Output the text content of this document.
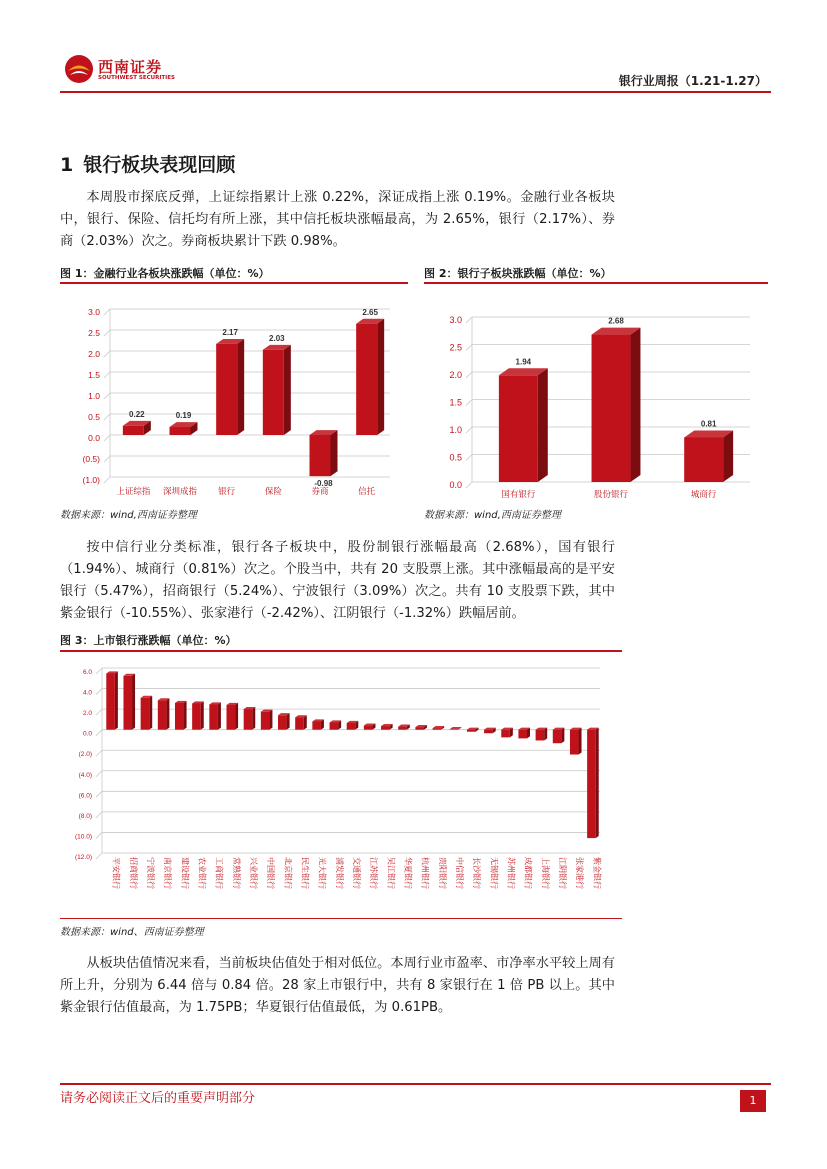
西南证券
SOUTHWEST SECURITIES	银行业周报（1.21-1.27）
1 银行板块表现回顾

本周股市探底反弹，上证综指累计上涨 0.22%，深证成指上涨 0.19%。金融行业各板块中，银行、保险、信托均有所上涨，其中信托板块涨幅最高，为 2.65%，银行（2.17%）、券商（2.03%）次之。券商板块累计下跌 0.98%。

图 1：金融行业各板块涨跌幅（单位：%）
3.0
2.5
2.0
1.5
1.0
0.5
0.0
(0.5)
(1.0)
0.22
上证综指
0.19
深圳成指
2.17
银行
2.03
保险
-0.98
券商
2.65
信托
数据来源：wind,西南证券整理
图 2：银行子板块涨跌幅（单位：%）
3.0
2.5
2.0
1.5
1.0
0.5
0.0
1.94
国有银行
2.68
股份银行
0.81
城商行
数据来源：wind,西南证券整理

按中信行业分类标准，银行各子板块中，股份制银行涨幅最高（2.68%），国有银行（1.94%）、城商行（0.81%）次之。个股当中，共有 20 支股票上涨。其中涨幅最高的是平安银行（5.47%），招商银行（5.24%）、宁波银行（3.09%）次之。共有 10 支股票下跌，其中紫金银行（-10.55%）、张家港行（-2.42%）、江阴银行（-1.32%）跌幅居前。

图 3：上市银行涨跌幅（单位：%）
6.0
4.0
2.0
0.0
(2.0)
(4.0)
(6.0)
(8.0)
(10.0)
(12.0) 平安银行 招商银行 宁波银行 南京银行 建设银行 农业银行 工商银行 常熟银行 兴业银行 中国银行 北京银行 民生银行 光大银行 浦发银行 交通银行 江苏银行 吴江银行 华夏银行 杭州银行 贵阳银行 中信银行 长沙银行 无锡银行 苏州银行 成都银行 上海银行 江阴银行 张家港行 紫金银行
数据来源：wind、西南证券整理

从板块估值情况来看，当前板块估值处于相对低位。本周行业市盈率、市净率水平较上周有所上升，分别为 6.44 倍与 0.84 倍。28 家上市银行中，共有 8 家银行在 1 倍 PB 以上。其中紫金银行估值最高，为 1.75PB；华夏银行估值最低，为 0.61PB。

请务必阅读正文后的重要声明部分	1
